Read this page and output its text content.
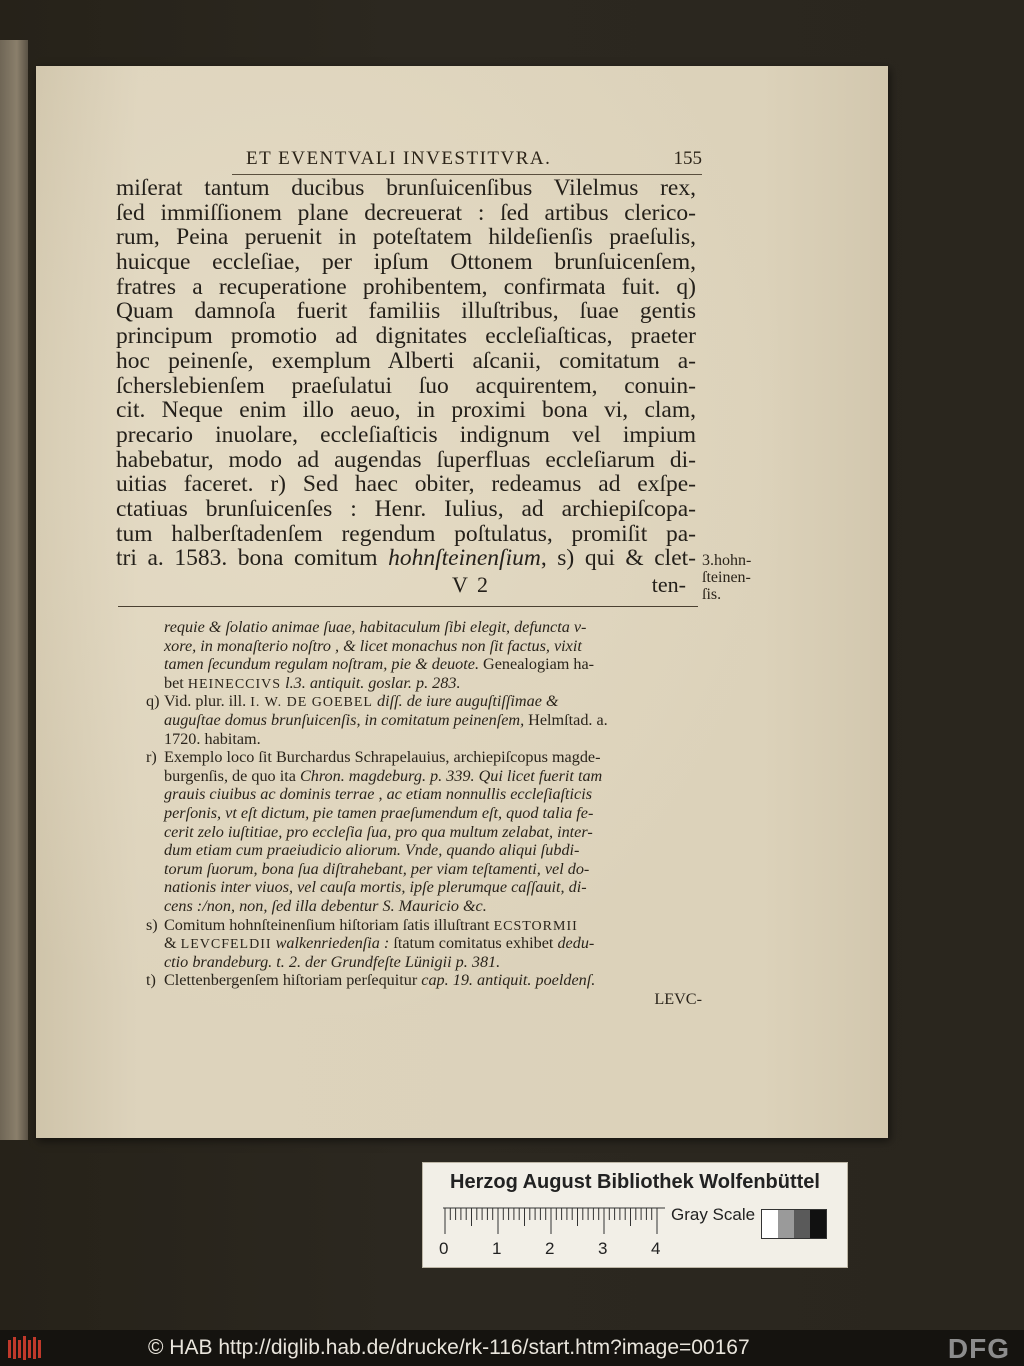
ET EVENTVALI INVESTITVRA.	155
miſerat tantum ducibus brunſuicenſibus Vilelmus rex,
ſed immiſſionem plane decreuerat : ſed artibus clerico-
rum, Peina peruenit in poteſtatem hildeſienſis praeſulis,
huicque eccleſiae, per ipſum Ottonem brunſuicenſem,
fratres a recuperatione prohibentem, confirmata fuit. q)
Quam damnoſa fuerit familiis illuſtribus, ſuae gentis
principum promotio ad dignitates eccleſiaſticas, praeter
hoc peinenſe, exemplum Alberti aſcanii, comitatum a-
ſcherslebienſem praeſulatui ſuo acquirentem, conuin-
cit. Neque enim illo aeuo, in proximi bona vi, clam,
precario inuolare, eccleſiaſticis indignum vel impium
habebatur, modo ad augendas ſuperfluas eccleſiarum di-
uitias faceret. r) Sed haec obiter, redeamus ad exſpe-
ctatiuas brunſuicenſes : Henr. Iulius, ad archiepiſcopa-
tum halberſtadenſem regendum poſtulatus, promiſit pa-
tri a. 1583. bona comitum hohnſteinenſium, s) qui & clet-
V 2	ten-
3.hohn-
ſteinen-
ſis.
requie & ſolatio animae ſuae, habitaculum ſibi elegit, defuncta v-
xore, in monaſterio noſtro , & licet monachus non ſit factus, vixit
tamen ſecundum regulam noſtram, pie & deuote. Genealogiam ha-
bet HEINECCIVS l.3. antiquit. goslar. p. 283.
q) Vid. plur. ill. I. W. DE GOEBEL diſſ. de iure auguſtiſſimae &
auguſtae domus brunſuicenſis, in comitatum peinenſem, Helmſtad. a.
1720. habitam.
r) Exemplo loco ſit Burchardus Schrapelauius, archiepiſcopus magde-
burgenſis, de quo ita Chron. magdeburg. p. 339. Qui licet fuerit tam
grauis ciuibus ac dominis terrae , ac etiam nonnullis eccleſiaſticis
perſonis, vt eſt dictum, pie tamen praeſumendum eſt, quod talia fe-
cerit zelo iuſtitiae, pro eccleſia ſua, pro qua multum zelabat, inter-
dum etiam cum praeiudicio aliorum. Vnde, quando aliqui ſubdi-
torum ſuorum, bona ſua diſtrahebant, per viam teſtamenti, vel do-
nationis inter viuos, vel cauſa mortis, ipſe plerumque caſſauit, di-
cens :/non, non, ſed illa debentur S. Mauricio &c.
s) Comitum hohnſteinenſium hiſtoriam ſatis illuſtrant ECSTORMII
& LEVCFELDII walkenriedenſia : ſtatum comitatus exhibet dedu-
ctio brandeburg. t. 2. der Grundfeſte Lünigii p. 381.
t) Clettenbergenſem hiſtoriam perſequitur cap. 19. antiquit. poeldenſ.
LEVC-
Herzog August Bibliothek Wolfenbüttel
0	1	2	3	4
Gray Scale
© HAB http://diglib.hab.de/drucke/rk-116/start.htm?image=00167	DFG
